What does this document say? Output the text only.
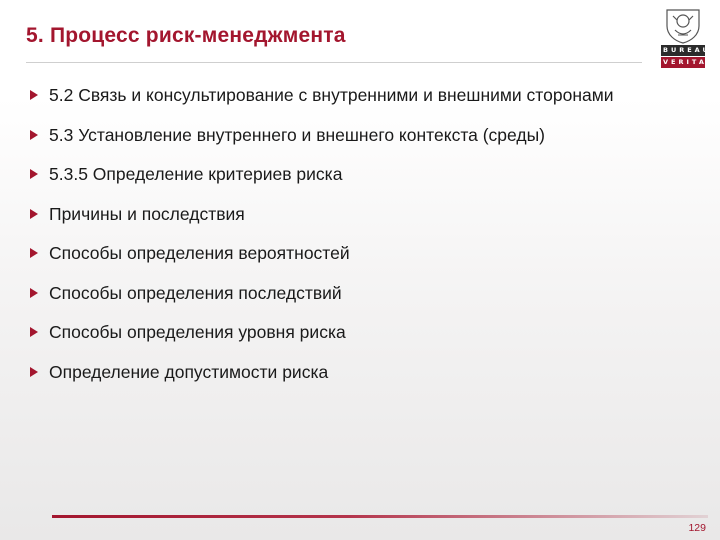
5. Процесс риск-менеджмента
BUREAU
VERITAS
5.2 Связь и консультирование с внутренними и внешними сторонами
5.3 Установление внутреннего и внешнего контекста (среды)
5.3.5 Определение критериев риска
Причины и последствия
Способы определения вероятностей
Способы определения последствий
Способы определения уровня риска
Определение допустимости риска
129
